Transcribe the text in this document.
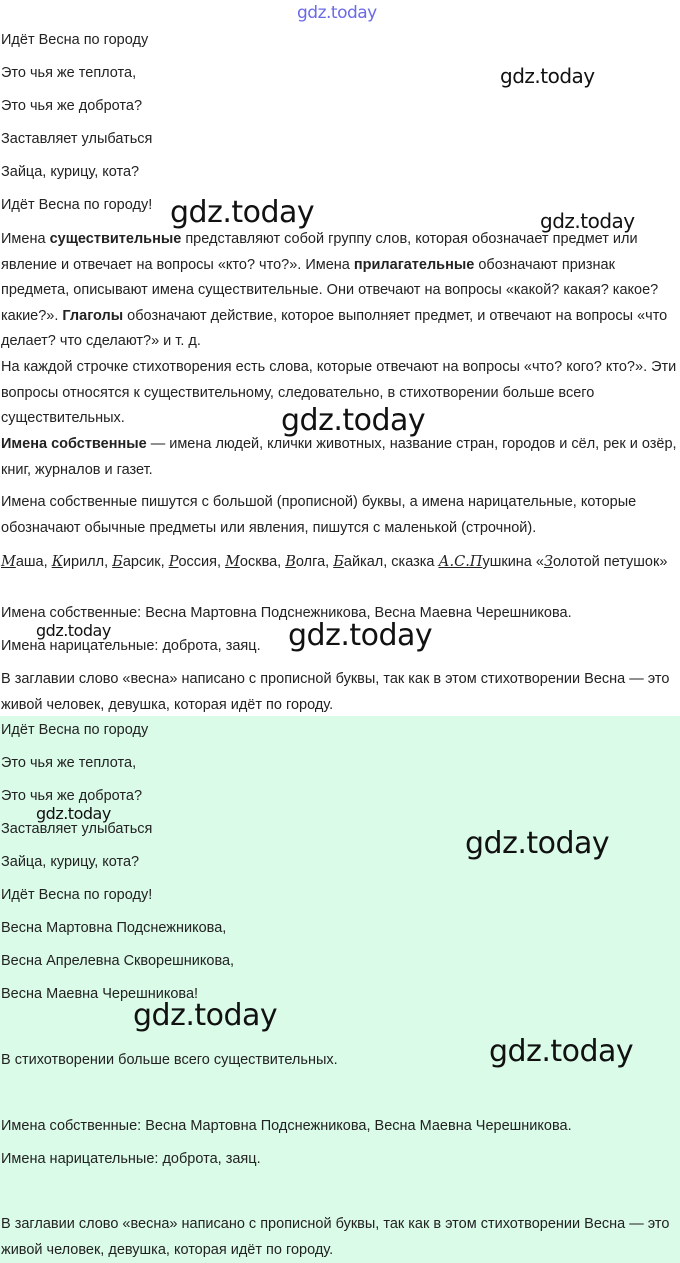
gdz.today
Идёт Весна по городу
Это чья же теплота,
Это чья же доброта?
Заставляет улыбаться
Зайца, курицу, кота?
Идёт Весна по городу!
Имена существительные представляют собой группу слов, которая обозначает предмет или явление и отвечает на вопросы «кто? что?». Имена прилагательные обозначают признак предмета, описывают имена существительные. Они отвечают на вопросы «какой? какая? какое? какие?». Глаголы обозначают действие, которое выполняет предмет, и отвечают на вопросы «что делает? что сделают?» и т. д.
На каждой строчке стихотворения есть слова, которые отвечают на вопросы «что? кого? кто?». Эти вопросы относятся к существительному, следовательно, в стихотворении больше всего существительных.
Имена собственные — имена людей, клички животных, название стран, городов и сёл, рек и озёр, книг, журналов и газет.
Имена собственные пишутся с большой (прописной) буквы, а имена нарицательные, которые обозначают обычные предметы или явления, пишутся с маленькой (строчной).
Маша, Кирилл, Барсик, Россия, Москва, Волга, Байкал, сказка А.С.Пушкина «Золотой петушок»
Имена собственные: Весна Мартовна Подснежникова, Весна Маевна Черешникова.
Имена нарицательные: доброта, заяц.
В заглавии слово «весна» написано с прописной буквы, так как в этом стихотворении Весна — это живой человек, девушка, которая идёт по городу.
Идёт Весна по городу
Это чья же теплота,
Это чья же доброта?
Заставляет улыбаться
Зайца, курицу, кота?
Идёт Весна по городу!
Весна Мартовна Подснежникова,
Весна Апрелевна Скворешникова,
Весна Маевна Черешникова!
В стихотворении больше всего существительных.
Имена собственные: Весна Мартовна Подснежникова, Весна Маевна Черешникова.
Имена нарицательные: доброта, заяц.
В заглавии слово «весна» написано с прописной буквы, так как в этом стихотворении Весна — это живой человек, девушка, которая идёт по городу.
gdz.today
gdz.today	gdz.today
gdz.today
gdz.today	gdz.today
gdz.today
gdz.today
gdz.today
gdz.today
